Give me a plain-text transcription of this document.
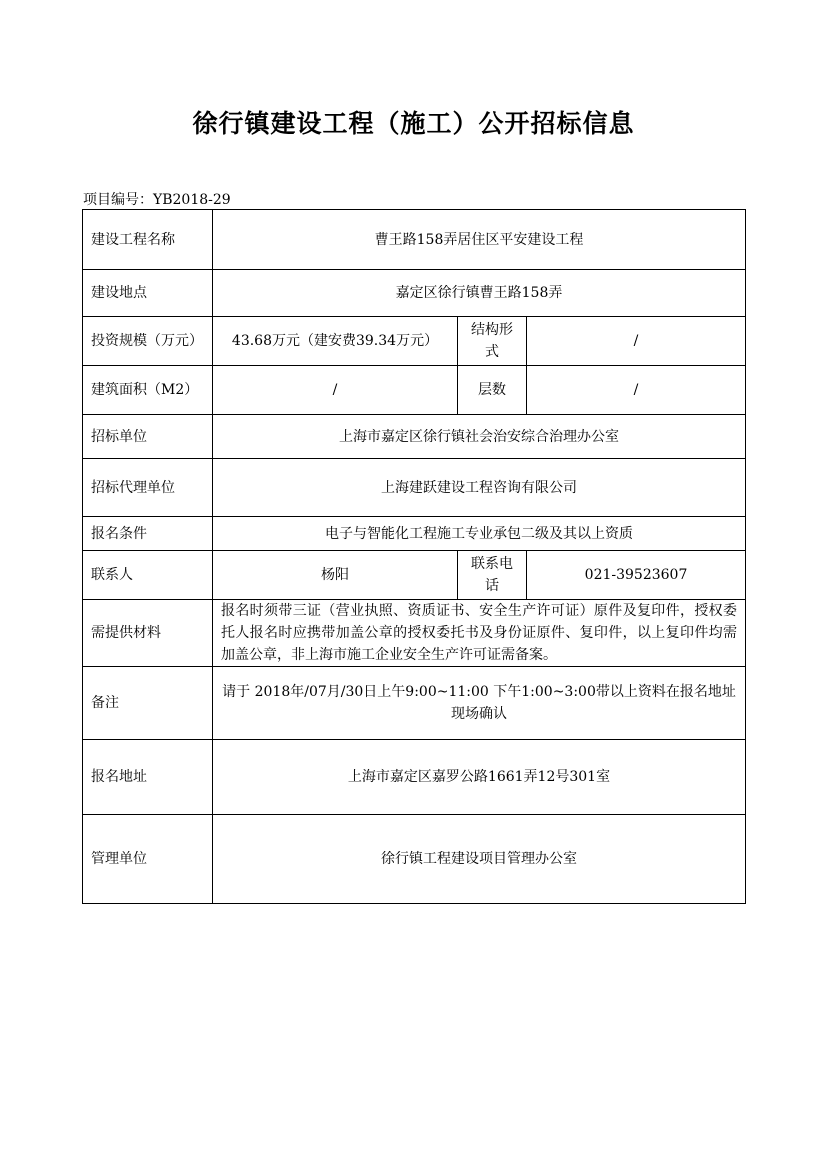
徐行镇建设工程（施工）公开招标信息
项目编号：YB2018-29
建设工程名称	曹王路158弄居住区平安建设工程		
建设地点	嘉定区徐行镇曹王路158弄		
投资规模（万元）	43.68万元（建安费39.34万元）	结构形式	/
建筑面积（M2）	/	层数	/
招标单位	上海市嘉定区徐行镇社会治安综合治理办公室		
招标代理单位	上海建跃建设工程咨询有限公司		
报名条件	电子与智能化工程施工专业承包二级及其以上资质		
联系人	杨阳	联系电话	021-39523607
需提供材料	报名时须带三证（营业执照、资质证书、安全生产许可证）原件及复印件，授权委托人报名时应携带加盖公章的授权委托书及身份证原件、复印件，以上复印件均需加盖公章，非上海市施工企业安全生产许可证需备案。		
备注	请于 2018年/07月/30日上午9:00~11:00 下午1:00~3:00带以上资料在报名地址现场确认		
报名地址	上海市嘉定区嘉罗公路1661弄12号301室		
管理单位	徐行镇工程建设项目管理办公室		
